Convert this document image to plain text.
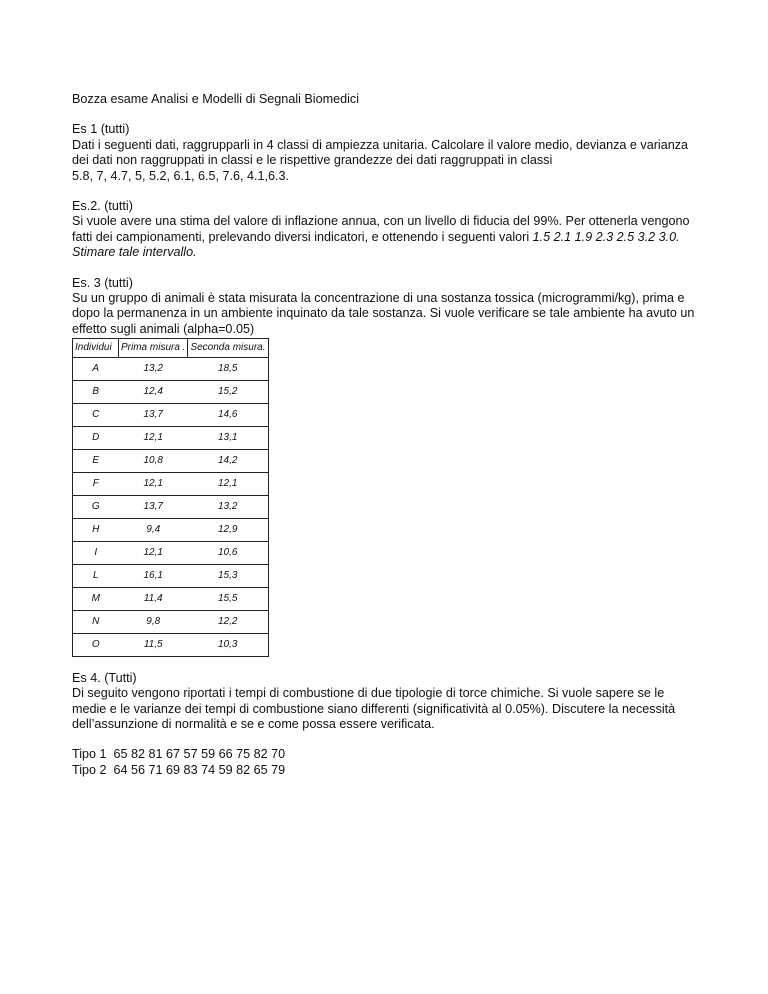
Bozza esame Analisi e Modelli di Segnali Biomedici

Es 1 (tutti)

Dati i seguenti dati, raggrupparli in 4 classi di ampiezza unitaria. Calcolare il valore medio, devianza e varianza

dei dati non raggruppati in classi e le rispettive grandezze dei dati raggruppati in classi

5.8, 7, 4.7, 5, 5.2, 6.1, 6.5, 7.6, 4.1,6.3.

Es.2. (tutti)

Si vuole avere una stima del valore di inflazione annua, con un livello di fiducia del 99%. Per ottenerla vengono

fatti dei campionamenti, prelevando diversi indicatori, e ottenendo i seguenti valori 1.5 2.1 1.9 2.3 2.5 3.2 3.0.

Stimare tale intervallo.

Es. 3 (tutti)

Su un gruppo di animali è stata misurata la concentrazione di una sostanza tossica (microgrammi/kg), prima e

dopo la permanenza in un ambiente inquinato da tale sostanza. Si vuole verificare se tale ambiente ha avuto un

effetto sugli animali (alpha=0.05)

Individui	Prima misura .	Seconda misura.
A	13,2	18,5
B	12,4	15,2
C	13,7	14,6
D	12,1	13,1
E	10,8	14,2
F	12,1	12,1
G	13,7	13,2
H	9,4	12,9
I	12,1	10,6
L	16,1	15,3
M	11,4	15,5
N	9,8	12,2
O	11,5	10,3

Es 4. (Tutti)

Di seguito vengono riportati i tempi di combustione di due tipologie di torce chimiche. Si vuole sapere se le

medie e le varianze dei tempi di combustione siano differenti (significatività al 0.05%). Discutere la necessità

dell’assunzione di normalità e se e come possa essere verificata.

Tipo 1  65 82 81 67 57 59 66 75 82 70

Tipo 2  64 56 71 69 83 74 59 82 65 79
